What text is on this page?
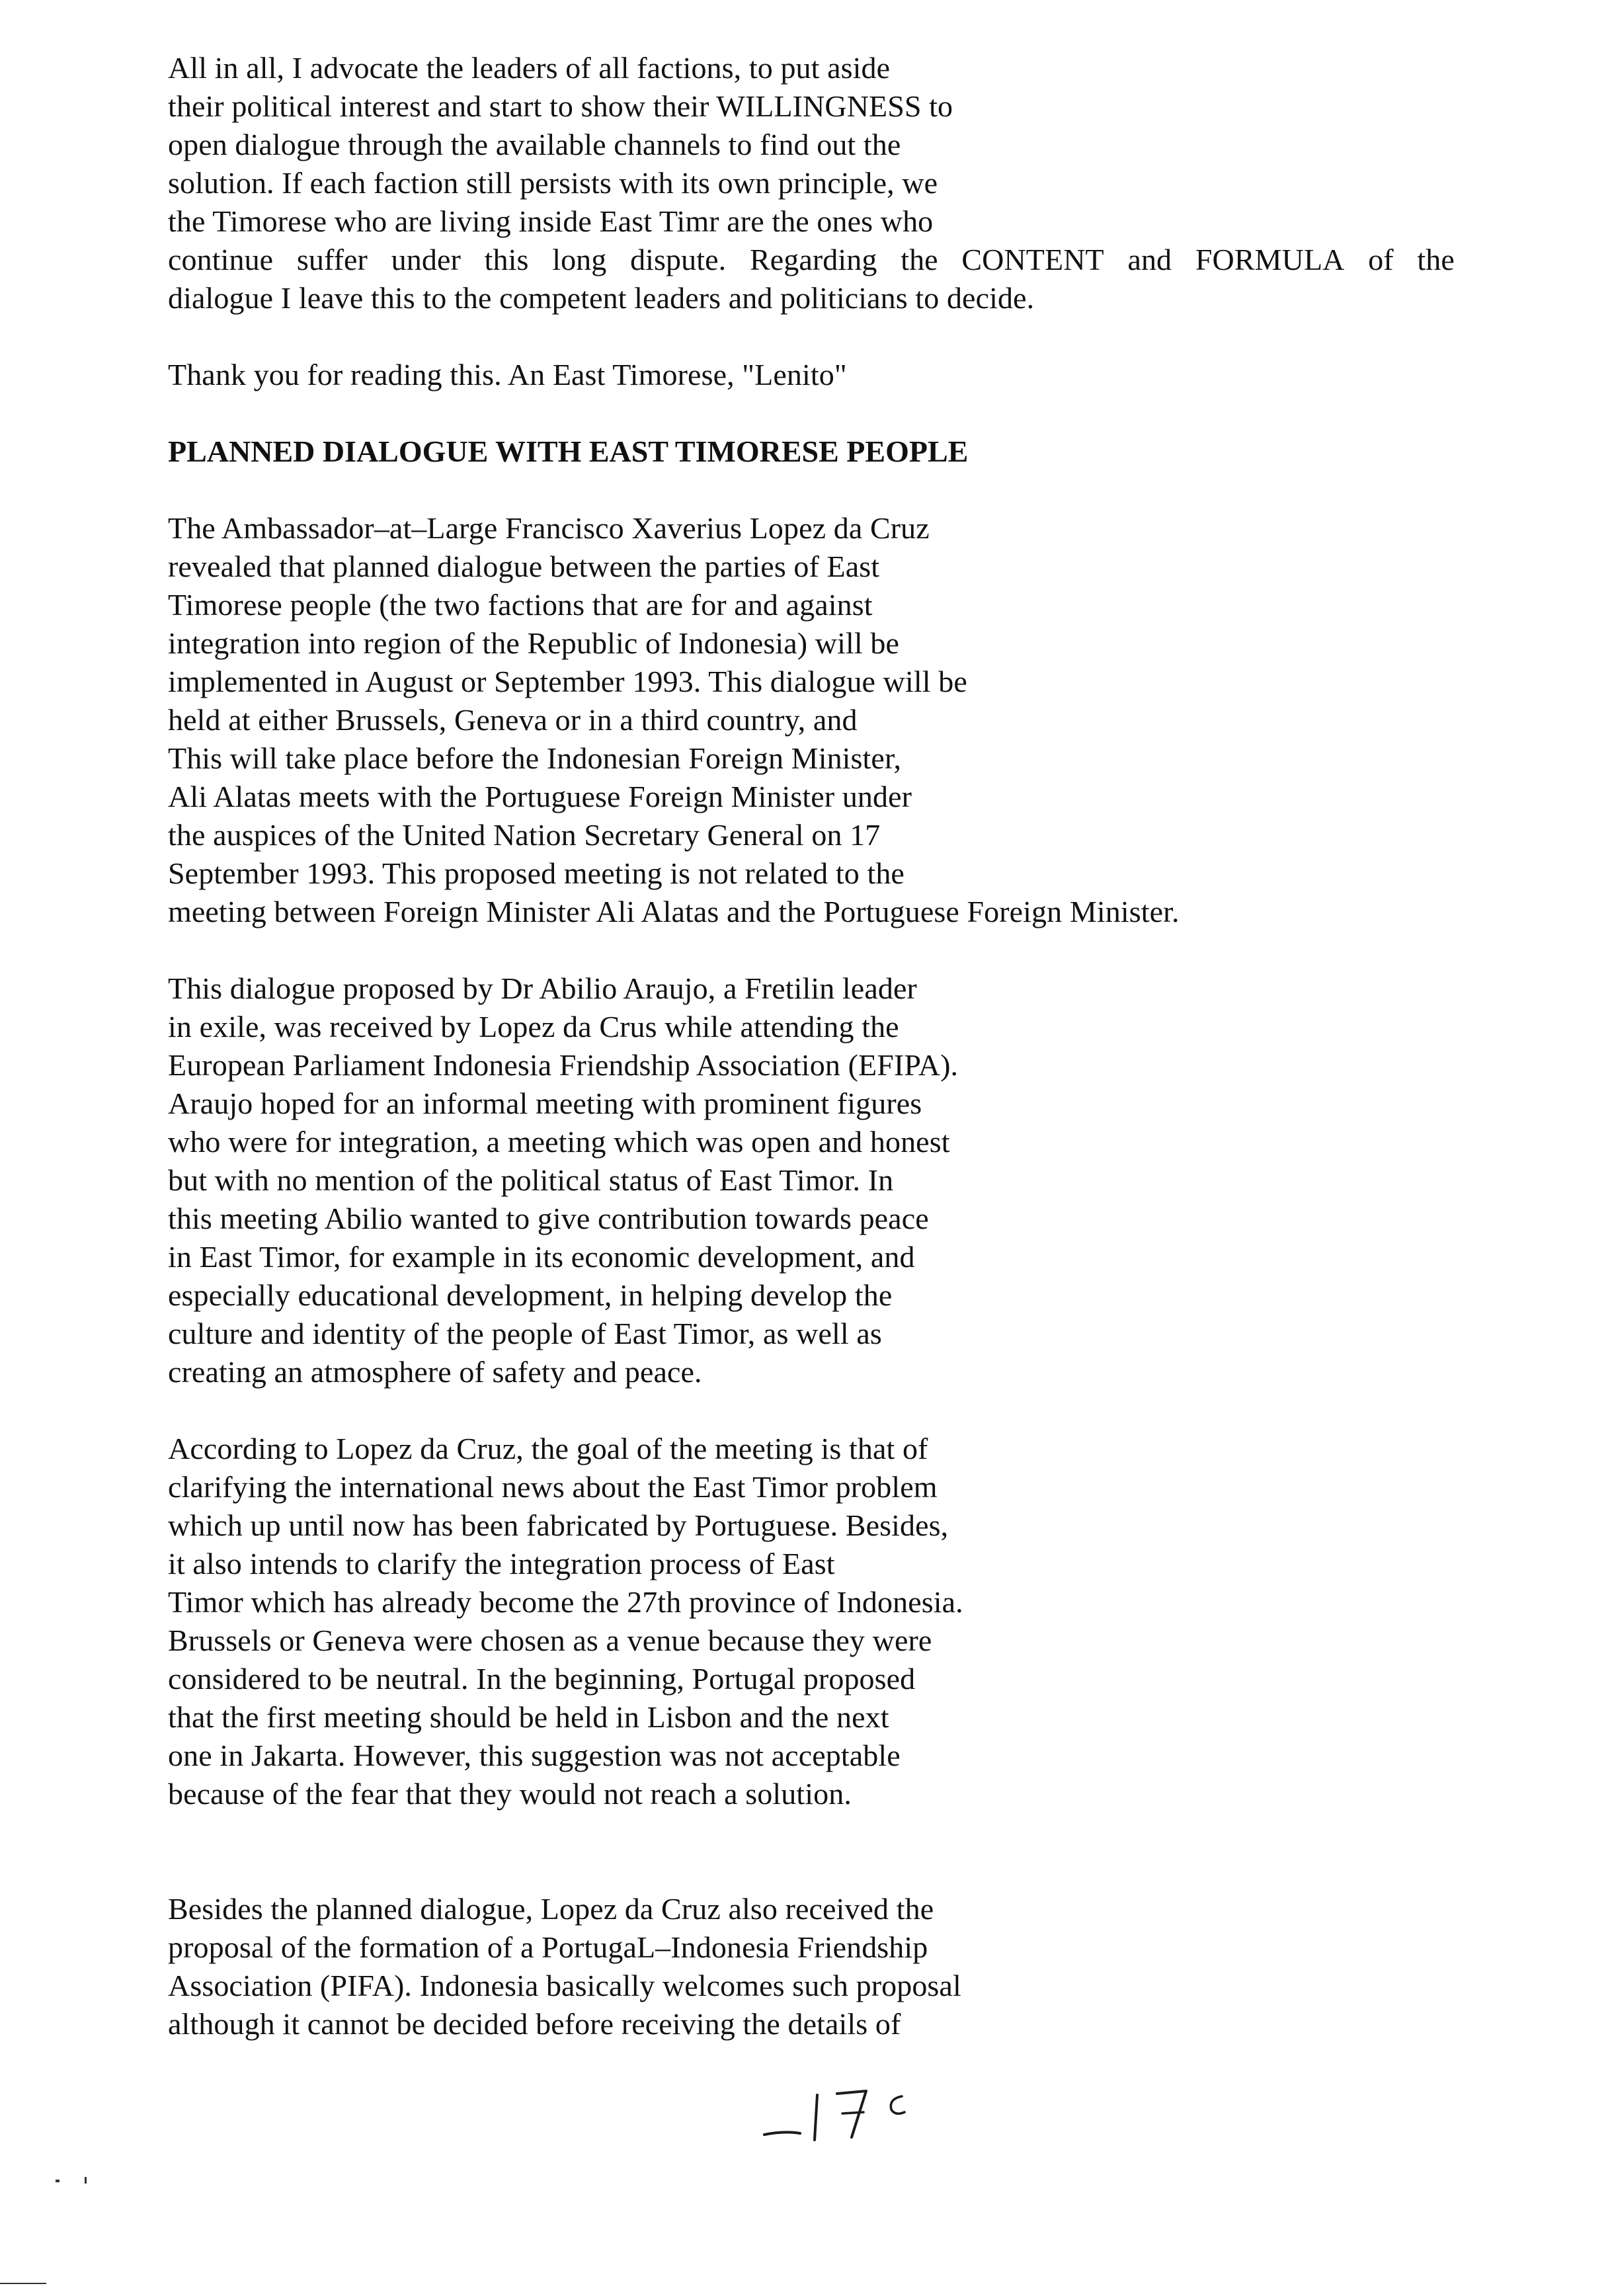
All in all, I advocate the leaders of all factions, to put aside
their political interest and start to show their WILLINGNESS to
open dialogue through the available channels to find out the
solution. If each faction still persists with its own principle, we
the Timorese who are living inside East Timr are the ones who
continue suffer under this long dispute. Regarding the CONTENT and FORMULA of the
dialogue I leave this to the competent leaders and politicians to decide.
Thank you for reading this. An East Timorese, "Lenito"
PLANNED DIALOGUE WITH EAST TIMORESE PEOPLE
The Ambassador–at–Large Francisco Xaverius Lopez da Cruz
revealed that planned dialogue between the parties of East
Timorese people (the two factions that are for and against
integration into region of the Republic of Indonesia) will be
implemented in August or September 1993. This dialogue will be
held at either Brussels, Geneva or in a third country, and
This will take place before the Indonesian Foreign Minister,
Ali Alatas meets with the Portuguese Foreign Minister under
the auspices of the United Nation Secretary General on 17
September 1993. This proposed meeting is not related to the
meeting between Foreign Minister Ali Alatas and the Portuguese Foreign Minister.
This dialogue proposed by Dr Abilio Araujo, a Fretilin leader
in exile, was received by Lopez da Crus while attending the
European Parliament Indonesia Friendship Association (EFIPA).
Araujo hoped for an informal meeting with prominent figures
who were for integration, a meeting which was open and honest
but with no mention of the political status of East Timor. In
this meeting Abilio wanted to give contribution towards peace
in East Timor, for example in its economic development, and
especially educational development, in helping develop the
culture and identity of the people of East Timor, as well as
creating an atmosphere of safety and peace.
According to Lopez da Cruz, the goal of the meeting is that of
clarifying the international news about the East Timor problem
which up until now has been fabricated by Portuguese. Besides,
it also intends to clarify the integration process of East
Timor which has already become the 27th province of Indonesia.
Brussels or Geneva were chosen as a venue because they were
considered to be neutral. In the beginning, Portugal proposed
that the first meeting should be held in Lisbon and the next
one in Jakarta. However, this suggestion was not acceptable
because of the fear that they would not reach a solution.
Besides the planned dialogue, Lopez da Cruz also received the
proposal of the formation of a PortugaL–Indonesia Friendship
Association (PIFA). Indonesia basically welcomes such proposal
although it cannot be decided before receiving the details of
